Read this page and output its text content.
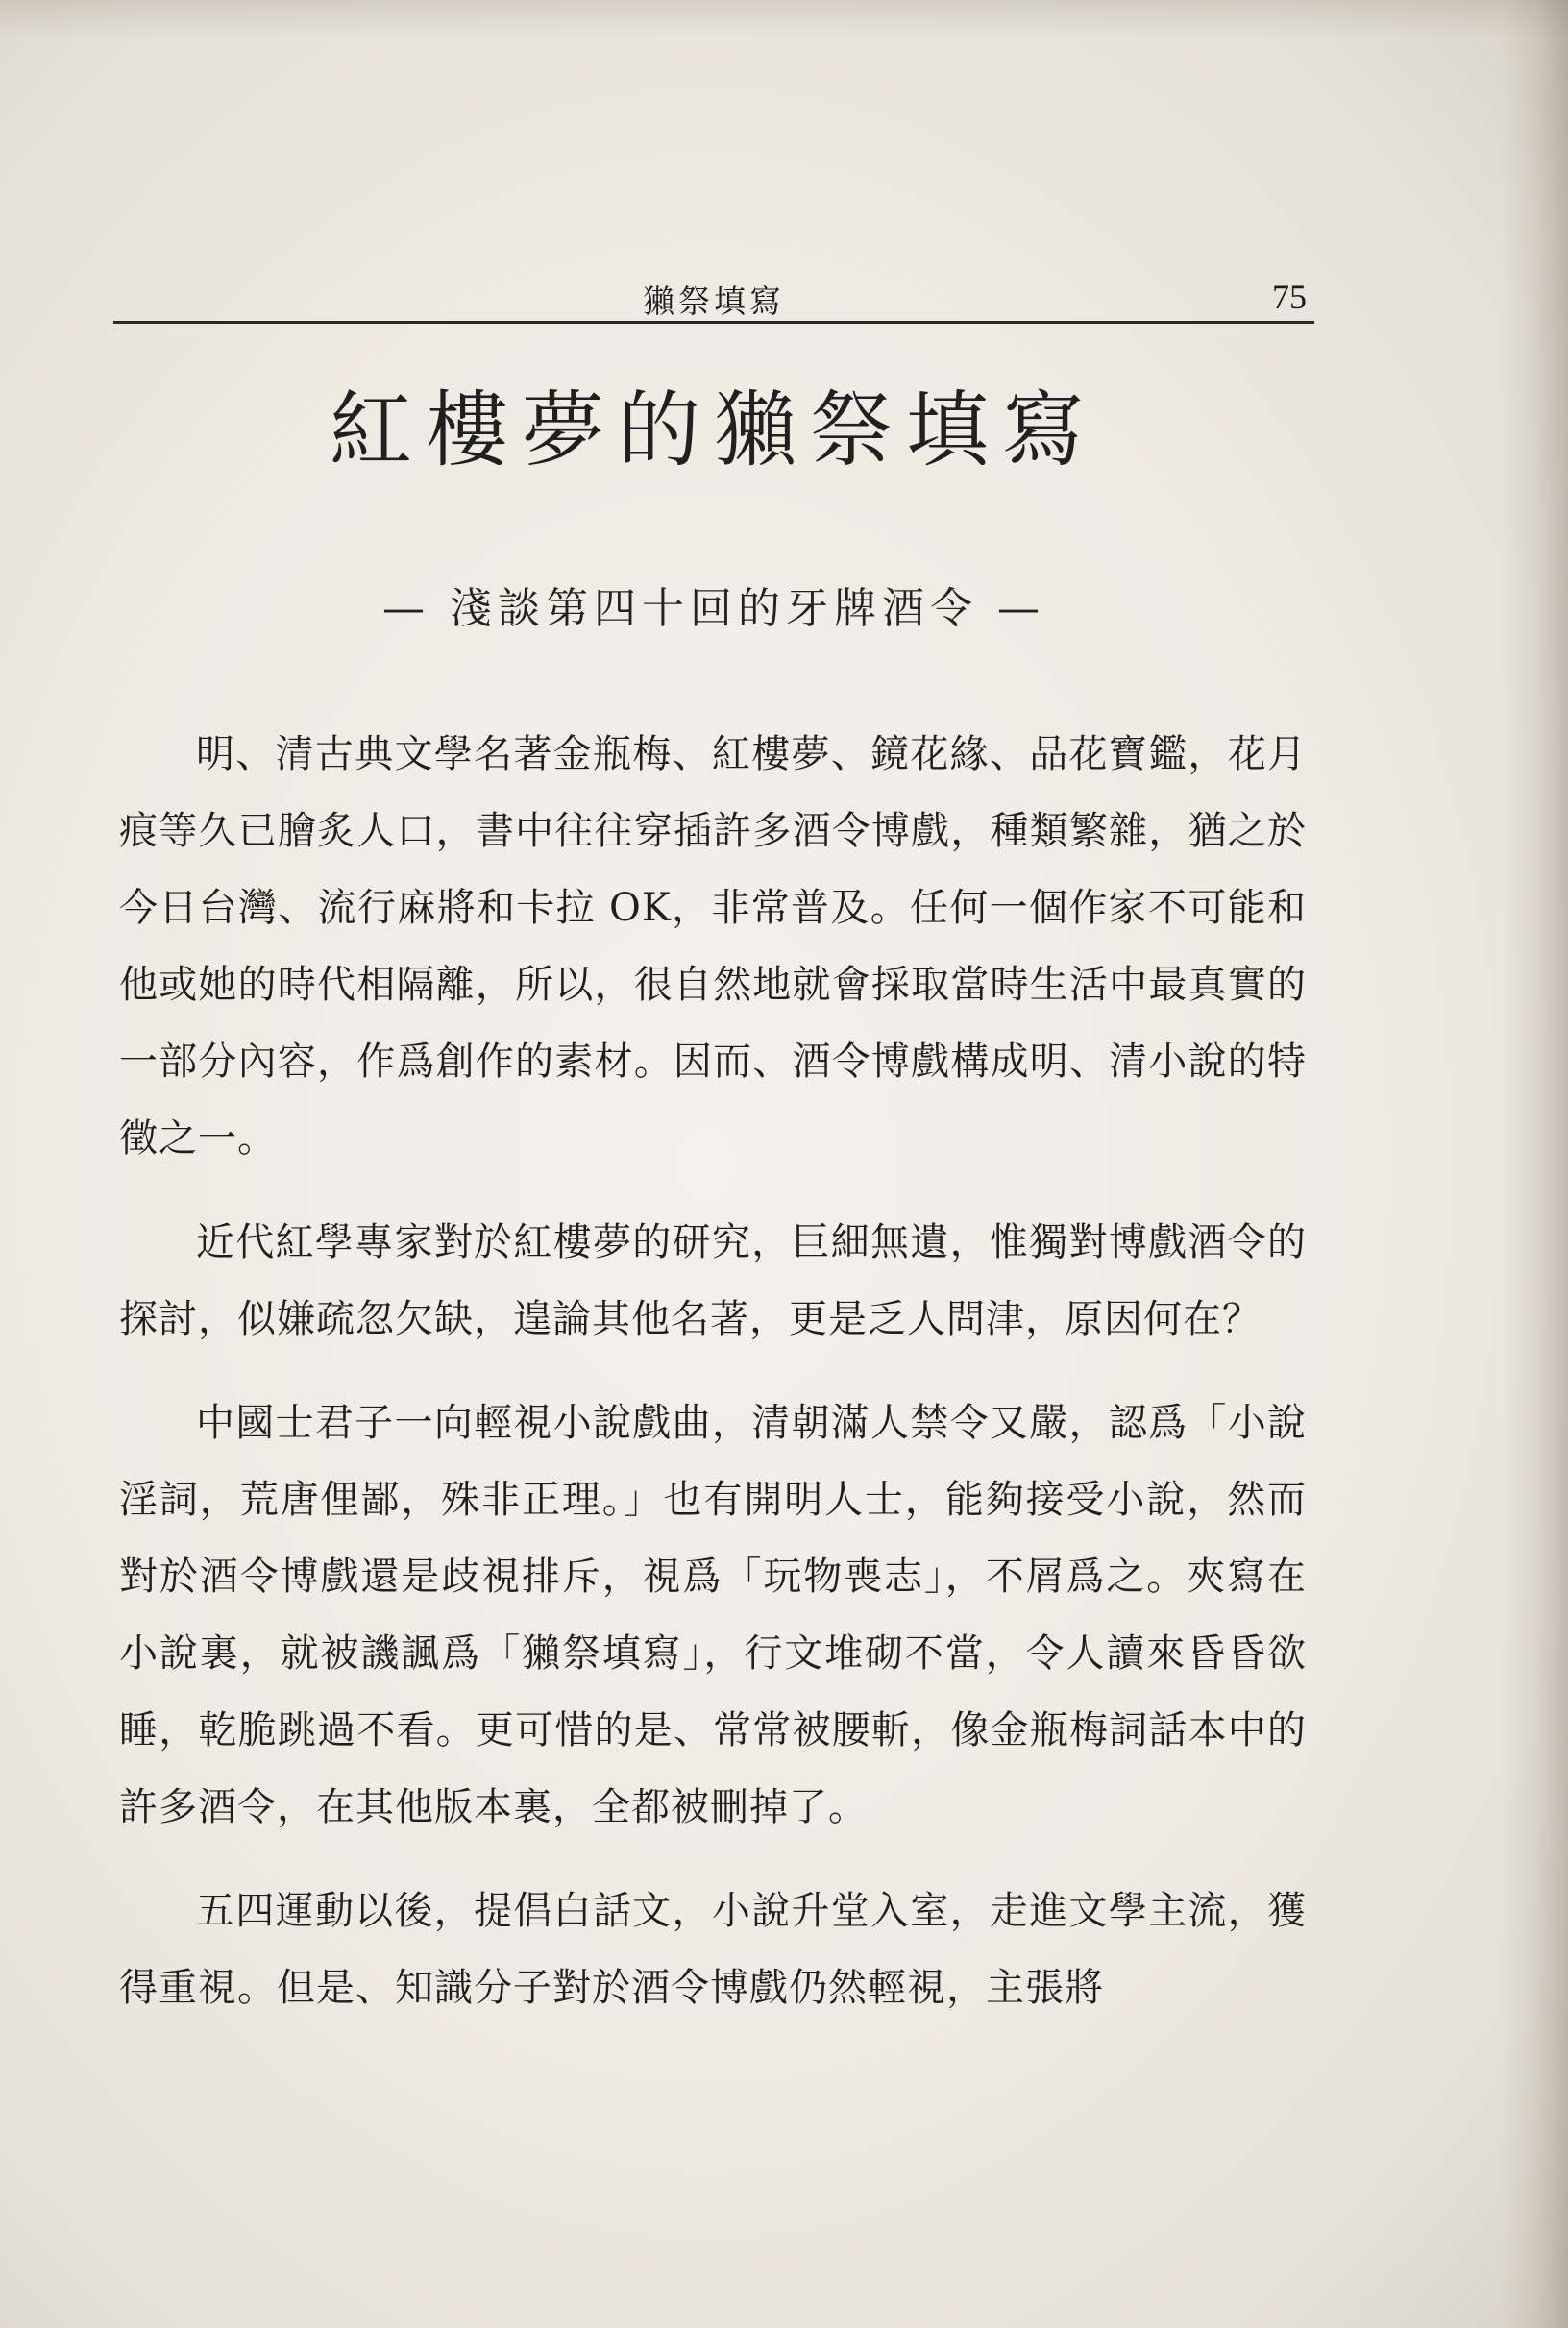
獺祭填寫	75
紅樓夢的獺祭填寫
— 淺談第四十回的牙牌酒令 —

明、清古典文學名著金瓶梅、紅樓夢、鏡花緣、品花寶鑑，花月痕等久已膾炙人口，書中往往穿插許多酒令博戲，種類繁雜，猶之於今日台灣、流行麻將和卡拉 OK，非常普及。任何一個作家不可能和他或她的時代相隔離，所以，很自然地就會採取當時生活中最真實的一部分內容，作爲創作的素材。因而、酒令博戲構成明、清小說的特徵之一。

近代紅學專家對於紅樓夢的研究，巨細無遺，惟獨對博戲酒令的探討，似嫌疏忽欠缺，遑論其他名著，更是乏人問津，原因何在？

中國士君子一向輕視小說戲曲，清朝滿人禁令又嚴，認爲「小說淫詞，荒唐俚鄙，殊非正理。」也有開明人士，能夠接受小說，然而對於酒令博戲還是歧視排斥，視爲「玩物喪志」，不屑爲之。夾寫在小說裏，就被譏諷爲「獺祭填寫」，行文堆砌不當，令人讀來昏昏欲睡，乾脆跳過不看。更可惜的是、常常被腰斬，像金瓶梅詞話本中的許多酒令，在其他版本裏，全都被刪掉了。

五四運動以後，提倡白話文，小說升堂入室，走進文學主流，獲得重視。但是、知識分子對於酒令博戲仍然輕視，主張將
